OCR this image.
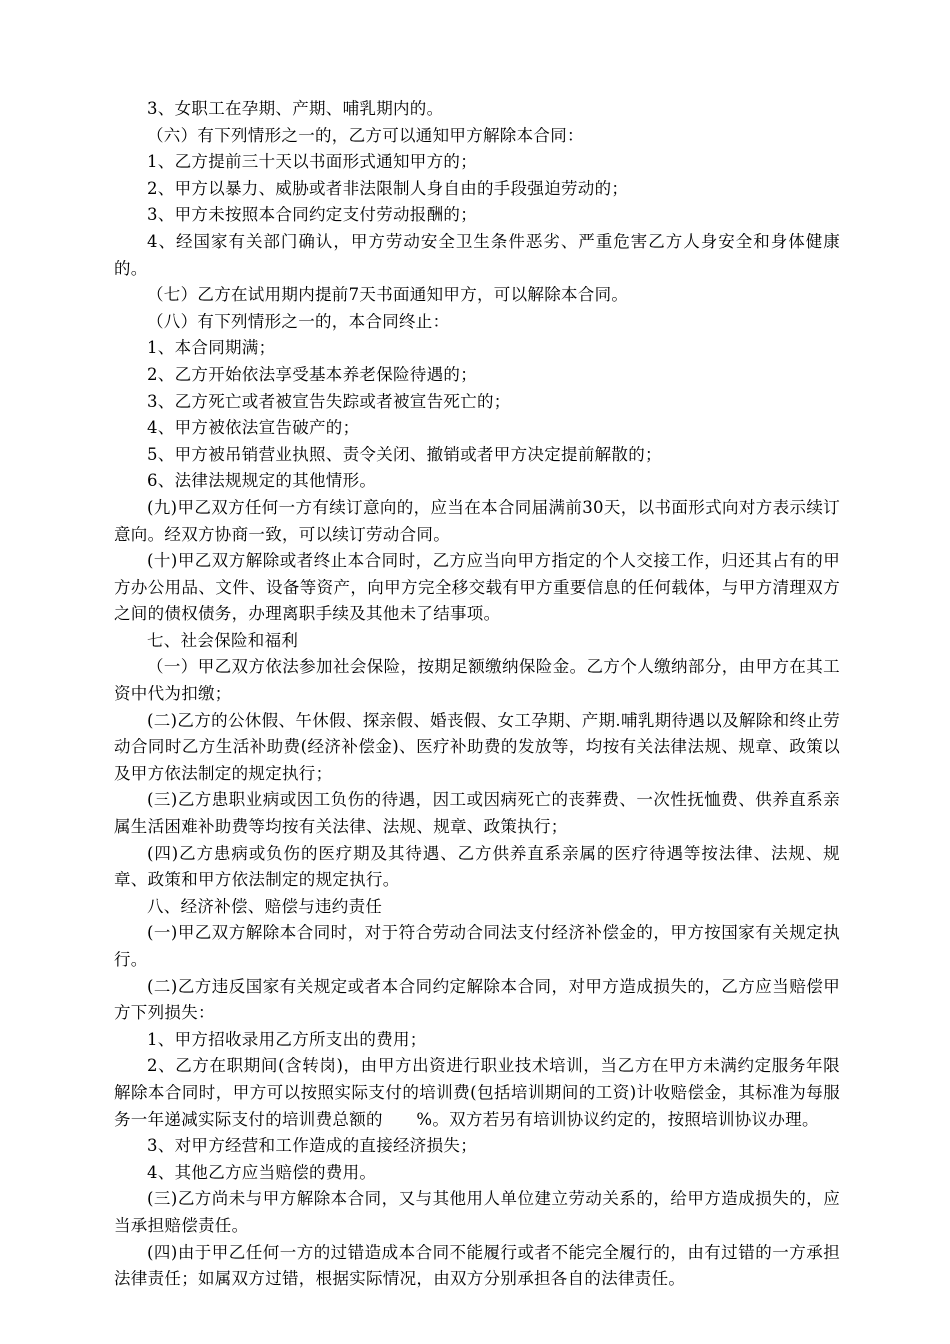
3、女职工在孕期、产期、哺乳期内的。

（六）有下列情形之一的，乙方可以通知甲方解除本合同：

1、乙方提前三十天以书面形式通知甲方的；

2、甲方以暴力、威胁或者非法限制人身自由的手段强迫劳动的；

3、甲方未按照本合同约定支付劳动报酬的；

4、经国家有关部门确认，甲方劳动安全卫生条件恶劣、严重危害乙方人身安全和身体健康的。

（七）乙方在试用期内提前7天书面通知甲方，可以解除本合同。

（八）有下列情形之一的，本合同终止：

1、本合同期满；

2、乙方开始依法享受基本养老保险待遇的；

3、乙方死亡或者被宣告失踪或者被宣告死亡的；

4、甲方被依法宣告破产的；

5、甲方被吊销营业执照、责令关闭、撤销或者甲方决定提前解散的；

6、法律法规规定的其他情形。

(九)甲乙双方任何一方有续订意向的，应当在本合同届满前30天，以书面形式向对方表示续订意向。经双方协商一致，可以续订劳动合同。

(十)甲乙双方解除或者终止本合同时，乙方应当向甲方指定的个人交接工作，归还其占有的甲方办公用品、文件、设备等资产，向甲方完全移交载有甲方重要信息的任何载体，与甲方清理双方之间的债权债务，办理离职手续及其他未了结事项。

七、社会保险和福利

（一）甲乙双方依法参加社会保险，按期足额缴纳保险金。乙方个人缴纳部分，由甲方在其工资中代为扣缴；

(二)乙方的公休假、午休假、探亲假、婚丧假、女工孕期、产期.哺乳期待遇以及解除和终止劳动合同时乙方生活补助费(经济补偿金)、医疗补助费的发放等，均按有关法律法规、规章、政策以及甲方依法制定的规定执行；

(三)乙方患职业病或因工负伤的待遇，因工或因病死亡的丧葬费、一次性抚恤费、供养直系亲属生活困难补助费等均按有关法律、法规、规章、政策执行；

(四)乙方患病或负伤的医疗期及其待遇、乙方供养直系亲属的医疗待遇等按法律、法规、规章、政策和甲方依法制定的规定执行。

八、经济补偿、赔偿与违约责任

(一)甲乙双方解除本合同时，对于符合劳动合同法支付经济补偿金的，甲方按国家有关规定执行。

(二)乙方违反国家有关规定或者本合同约定解除本合同，对甲方造成损失的，乙方应当赔偿甲方下列损失：

1、甲方招收录用乙方所支出的费用；

2、乙方在职期间(含转岗)，由甲方出资进行职业技术培训，当乙方在甲方未满约定服务年限解除本合同时，甲方可以按照实际支付的培训费(包括培训期间的工资)计收赔偿金，其标准为每服务一年递减实际支付的培训费总额的　　%。双方若另有培训协议约定的，按照培训协议办理。

3、对甲方经营和工作造成的直接经济损失；

4、其他乙方应当赔偿的费用。

(三)乙方尚未与甲方解除本合同，又与其他用人单位建立劳动关系的，给甲方造成损失的，应当承担赔偿责任。

(四)由于甲乙任何一方的过错造成本合同不能履行或者不能完全履行的，由有过错的一方承担法律责任；如属双方过错，根据实际情况，由双方分别承担各自的法律责任。
